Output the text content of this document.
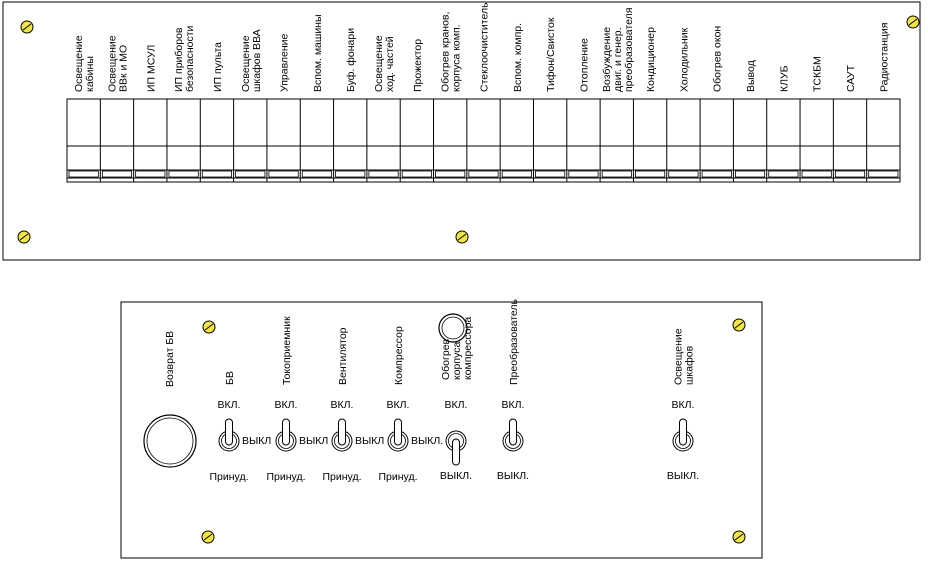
Освещение кабины Освещение ВВк и МО ИП МСУЛ ИП приборов безопасности ИП пульта Освещение шкафов ВВА Управление Вспом. машины Буф. фонари Освещение ход. частей Прожектор Обогрев кранов, корпуса комп. Стеклоочиститель Вспом. компр. Тифон/Свисток Отопление Возбуждение двиг. и генер. преобразователя Кондиционер Холодильник Обогрев окон Вывод КЛУБ ТСКБМ САУТ Радиостанция
Возврат БВ	БВ
ВКЛ.
ВЫКЛ
Принуд.
Токоприемник
ВКЛ.
ВЫКЛ
Принуд.
Вентилятор
ВКЛ.
ВЫКЛ
Принуд.
Компрессор
ВКЛ.
ВЫКЛ.
Принуд.
Обогрев корпуса компрессора
ВКЛ.
ВЫКЛ.
Преобразователь
ВКЛ.
ВЫКЛ.
Освещение шкафов
ВКЛ.
ВЫКЛ.
